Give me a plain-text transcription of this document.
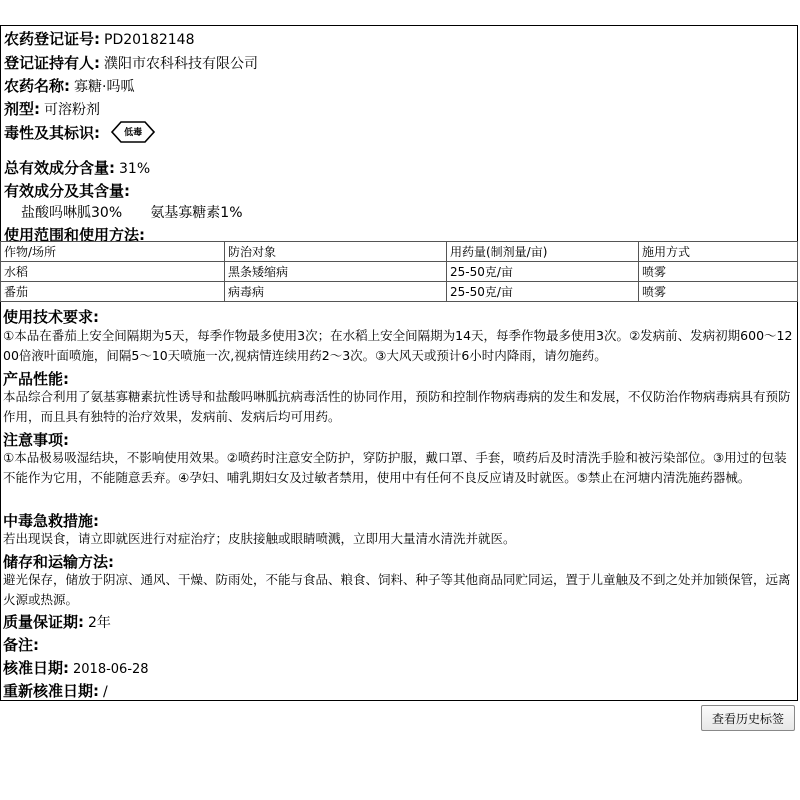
农药登记证号: PD20182148
登记证持有人: 濮阳市农科科技有限公司
农药名称: 寡糖·吗呱
剂型: 可溶粉剂
毒性及其标识:	低毒
总有效成分含量: 31%
有效成分及其含量:
盐酸吗啉胍30% 氨基寡糖素1%
使用范围和使用方法:
作物/场所	防治对象	用药量(制剂量/亩)	施用方式
水稻	黑条矮缩病	25-50克/亩	喷雾
番茄	病毒病	25-50克/亩	喷雾
使用技术要求:
①本品在番茄上安全间隔期为5天，每季作物最多使用3次；在水稻上安全间隔期为14天，每季作物最多使用3次。②发病前、发病初期600～1200倍液叶面喷施，间隔5～10天喷施一次,视病情连续用药2～3次。③大风天或预计6小时内降雨，请勿施药。
产品性能:
本品综合利用了氨基寡糖素抗性诱导和盐酸吗啉胍抗病毒活性的协同作用，预防和控制作物病毒病的发生和发展，不仅防治作物病毒病具有预防作用，而且具有独特的治疗效果，发病前、发病后均可用药。
注意事项:
①本品极易吸湿结块，不影响使用效果。②喷药时注意安全防护，穿防护服，戴口罩、手套，喷药后及时清洗手脸和被污染部位。③用过的包装不能作为它用，不能随意丢弃。④孕妇、哺乳期妇女及过敏者禁用，使用中有任何不良反应请及时就医。⑤禁止在河塘内清洗施药器械。
中毒急救措施:
若出现误食，请立即就医进行对症治疗；皮肤接触或眼睛喷溅，立即用大量清水清洗并就医。
储存和运输方法:
避光保存，储放于阴凉、通风、干燥、防雨处，不能与食品、粮食、饲料、种子等其他商品同贮同运，置于儿童触及不到之处并加锁保管，远离火源或热源。
质量保证期: 2年
备注:
核准日期: 2018-06-28
重新核准日期: /
查看历史标签
